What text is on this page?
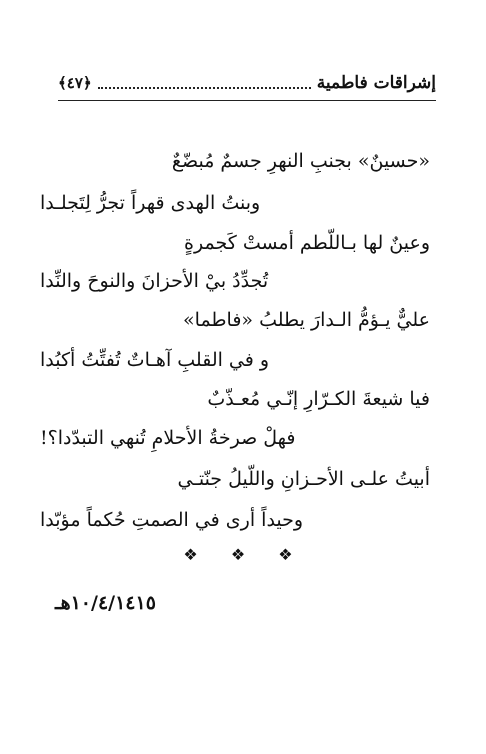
إشراقات فاطمية
﴿٤٧﴾
«حسينٌ» بجنبِ النهرِ جسمٌ مُبضّعٌ
وبنتُ الهدى قهراً تجرُّ لِتَجلـدا
وعينٌ لها بـاللّطم أمستْ كَجمرةٍ
تُجدِّدُ بيْ الأحزانَ والنوحَ والنِّدا
عليٌّ يـؤمُّ الـدارَ يطلبُ «فاطما»
و في القلبِ آهـاتٌ تُفتِّتُ أكبُدا
فيا شيعةَ الكـرّارِ إنّـي مُعـذّبٌ
فهلْ صرخةُ الأحلامِ تُنهي التبدّدا؟!
أبيتُ علـى الأحـزانِ واللّيلُ جنّتـي
وحيداً أرى في الصمتِ حُكماً مؤبّدا
❖ ❖ ❖
١٠/٤/١٤١٥هـ
